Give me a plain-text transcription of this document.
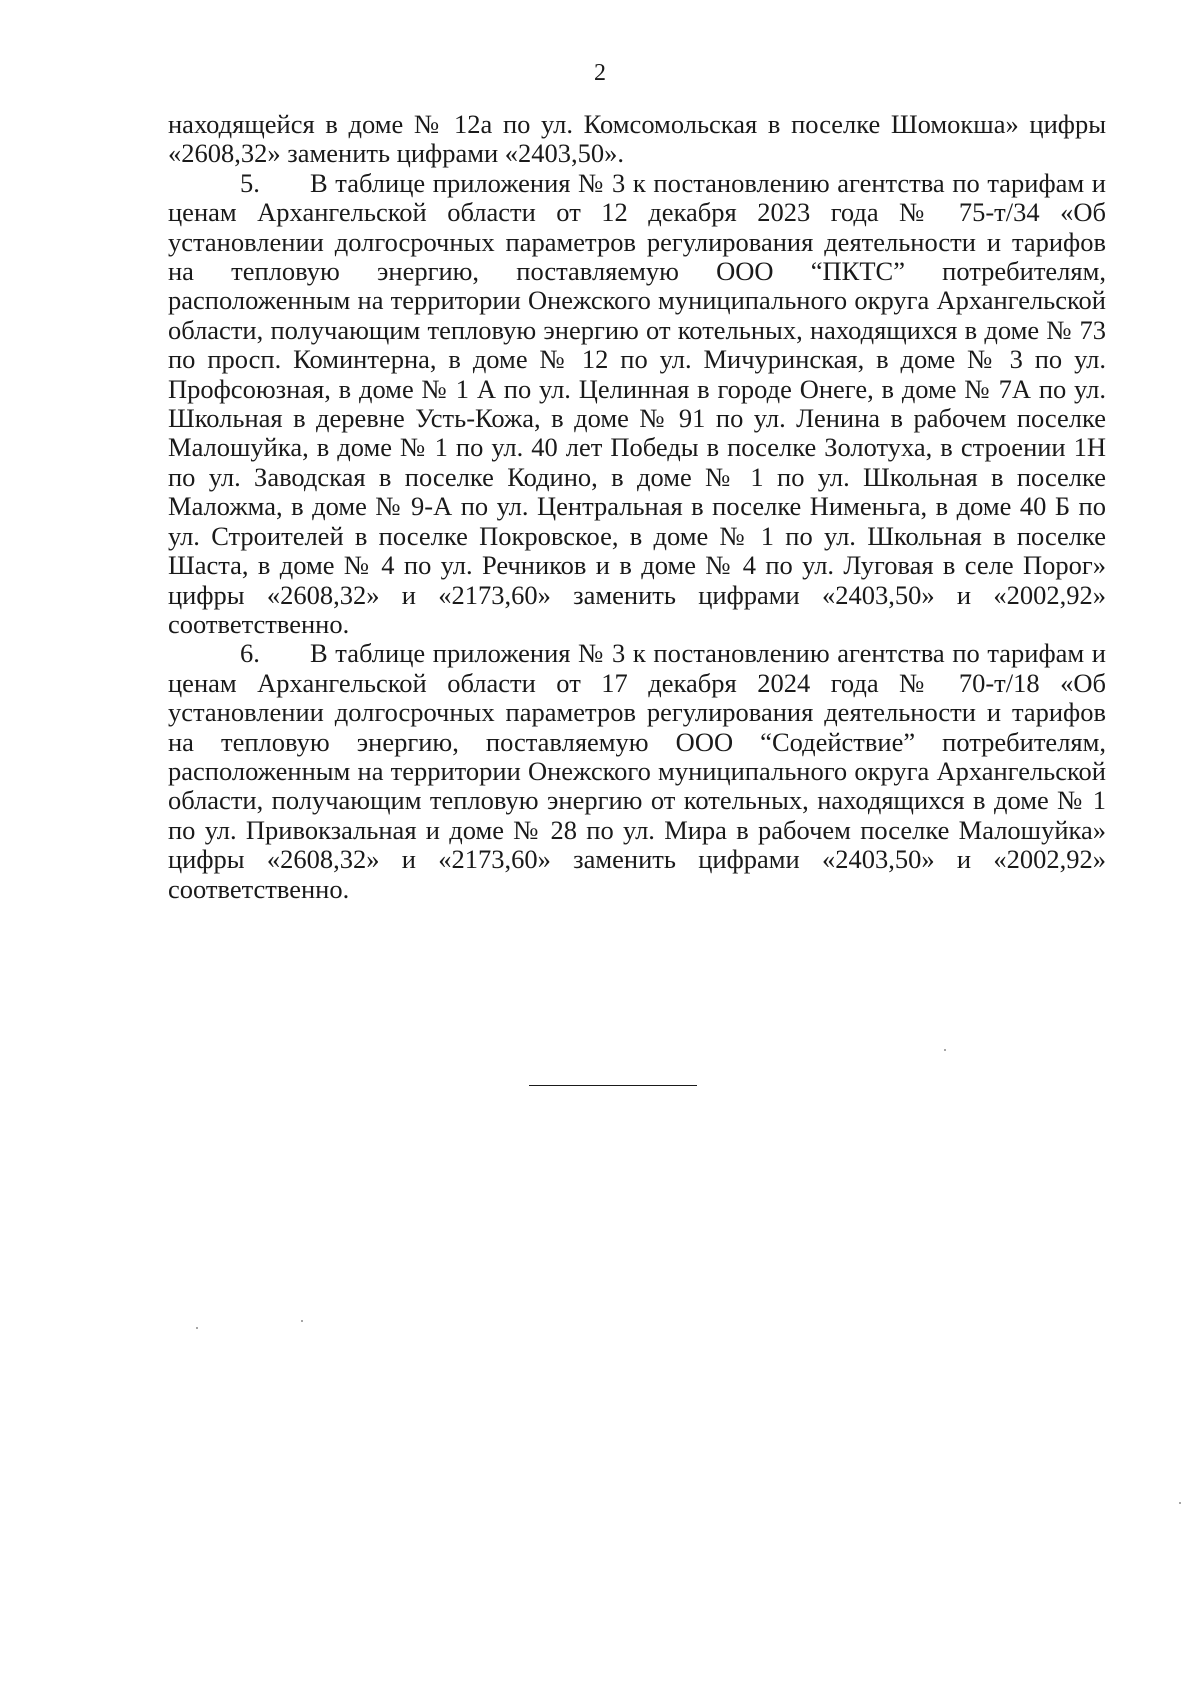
2

находящейся в доме № 12а по ул. Комсомольская в поселке Шомокша» цифры «2608,32» заменить цифрами «2403,50».

5. В таблице приложения № 3 к постановлению агентства по тарифам и ценам Архангельской области от 12 декабря 2023 года № 75-т/34 «Об установлении долгосрочных параметров регулирования деятельности и тарифов на тепловую энергию, поставляемую ООО “ПКТС” потребителям, расположенным на территории Онежского муниципального округа Архангельской области, получающим тепловую энергию от котельных, находящихся в доме № 73 по просп. Коминтерна, в доме № 12 по ул. Мичуринская, в доме № 3 по ул. Профсоюзная, в доме № 1 А по ул. Целинная в городе Онеге, в доме № 7А по ул. Школьная в деревне Усть-Кожа, в доме № 91 по ул. Ленина в рабочем поселке Малошуйка, в доме № 1 по ул. 40 лет Победы в поселке Золотуха, в строении 1Н по ул. Заводская в поселке Кодино, в доме № 1 по ул. Школьная в поселке Маложма, в доме № 9-А по ул. Центральная в поселке Нименьга, в доме 40 Б по ул. Строителей в поселке Покровское, в доме № 1 по ул. Школьная в поселке Шаста, в доме № 4 по ул. Речников и в доме № 4 по ул. Луговая в селе Порог» цифры «2608,32» и «2173,60» заменить цифрами «2403,50» и «2002,92» соответственно.

6. В таблице приложения № 3 к постановлению агентства по тарифам и ценам Архангельской области от 17 декабря 2024 года № 70-т/18 «Об установлении долгосрочных параметров регулирования деятельности и тарифов на тепловую энергию, поставляемую ООО “Содействие” потребителям, расположенным на территории Онежского муниципального округа Архангельской области, получающим тепловую энергию от котельных, находящихся в доме № 1 по ул. Привокзальная и доме № 28 по ул. Мира в рабочем поселке Малошуйка» цифры «2608,32» и «2173,60» заменить цифрами «2403,50» и «2002,92» соответственно.
